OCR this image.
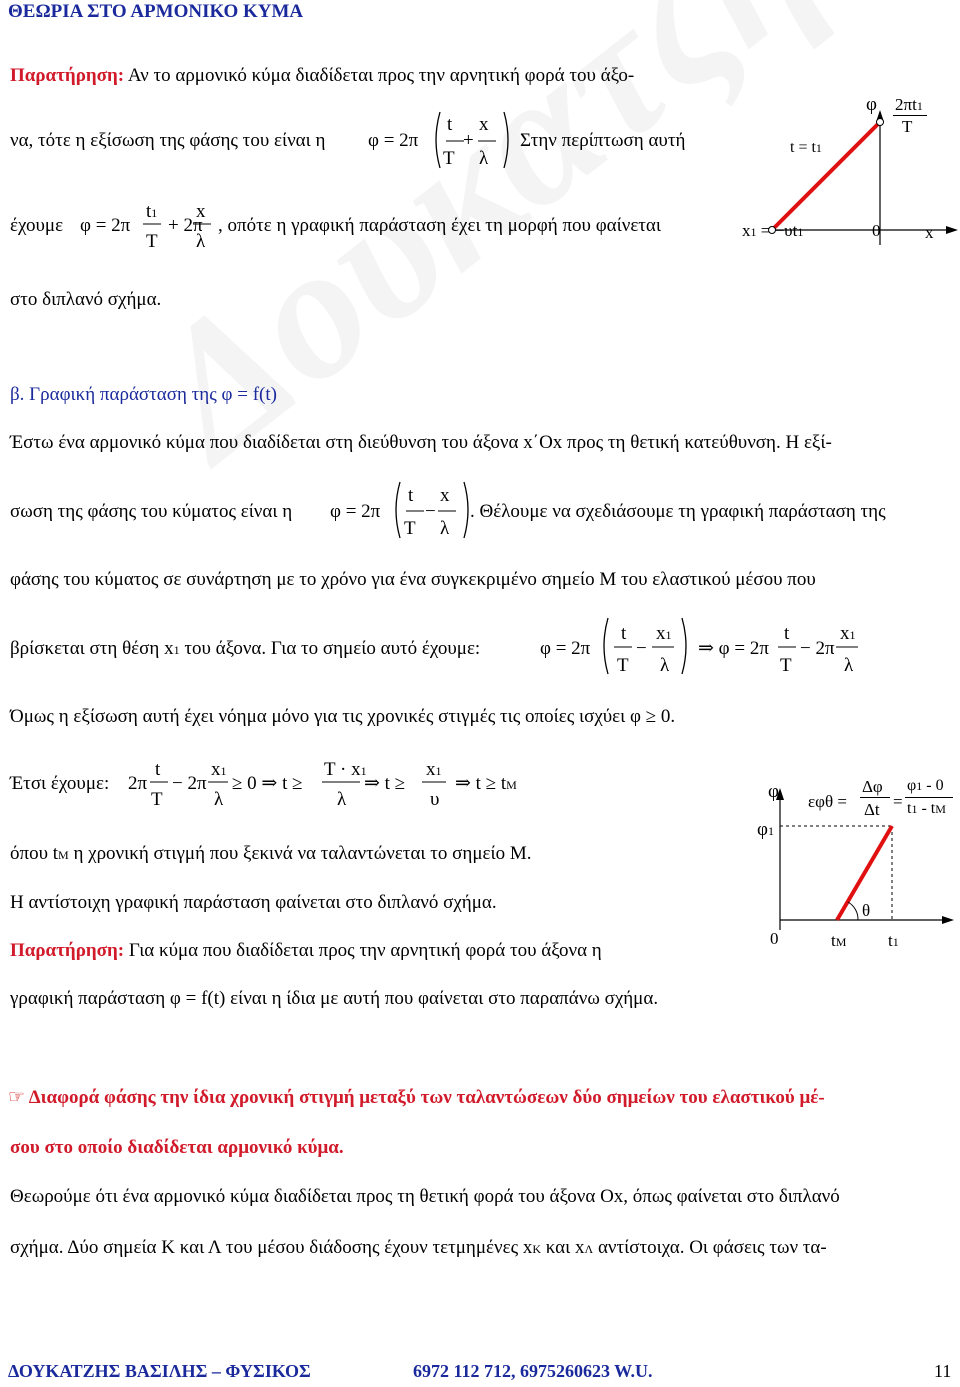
ΘΕΩΡΙΑ ΣΤΟ ΑΡΜΟΝΙΚΟ ΚΥΜΑ
Παρατήρηση: Αν το αρμονικό κύμα διαδίδεται προς την αρνητική φορά του άξο-
να, τότε η εξίσωση της φάσης του είναι η φ = 2π
t
T
+
x
λ
Στην περίπτωση αυτή
έχουμε φ = 2π
t1
T
+ 2π
x
λ
, οπότε η γραφική παράσταση έχει τη μορφή που φαίνεται
στο διπλανό σχήμα.
φ 2πt1
T
t = t1
x1 = −υt1	0	x
β. Γραφική παράσταση της φ = f(t)
Έστω ένα αρμονικό κύμα που διαδίδεται στη διεύθυνση του άξονα x΄Ox προς τη θετική κατεύθυνση. Η εξί-
σωση της φάσης του κύματος είναι η φ = 2π
t
T
−
x
λ
. Θέλουμε να σχεδιάσουμε τη γραφική παράσταση της
φάσης του κύματος σε συνάρτηση με το χρόνο για ένα συγκεκριμένο σημείο Μ του ελαστικού μέσου που
βρίσκεται στη θέση x1 του άξονα. Για το σημείο αυτό έχουμε:	φ = 2π
t
T
−
x1
λ
⇒ φ = 2π
t
T
− 2π
x1
λ
Όμως η εξίσωση αυτή έχει νόημα μόνο για τις χρονικές στιγμές τις οποίες ισχύει φ ≥ 0.
Έτσι έχουμε: 2π
t
T
− 2π
x1
λ
≥ 0 ⇒ t ≥
T · x1
λ
⇒ t ≥
x1
υ
⇒ t ≥ tM
όπου tM η χρονική στιγμή που ξεκινά να ταλαντώνεται το σημείο Μ.
Η αντίστοιχη γραφική παράσταση φαίνεται στο διπλανό σχήμα.
Παρατήρηση: Για κύμα που διαδίδεται προς την αρνητική φορά του άξονα η
γραφική παράσταση φ = f(t) είναι η ίδια με αυτή που φαίνεται στο παραπάνω σχήμα.
φ
φ1
εφθ =
Δφ
Δt =
φ1 - 0
t1 - tM
θ
0	tM t1
☞ Διαφορά φάσης την ίδια χρονική στιγμή μεταξύ των ταλαντώσεων δύο σημείων του ελαστικού μέ-
σου στο οποίο διαδίδεται αρμονικό κύμα.
Θεωρούμε ότι ένα αρμονικό κύμα διαδίδεται προς τη θετική φορά του άξονα Ox, όπως φαίνεται στο διπλανό
σχήμα. Δύο σημεία Κ και Λ του μέσου διάδοσης έχουν τετμημένες xK και xΛ αντίστοιχα. Οι φάσεις των τα-
ΔΟΥΚΑΤΖΗΣ ΒΑΣΙΛΗΣ – ΦΥΣΙΚΟΣ	6972 112 712, 6975260623 W.U.	11
